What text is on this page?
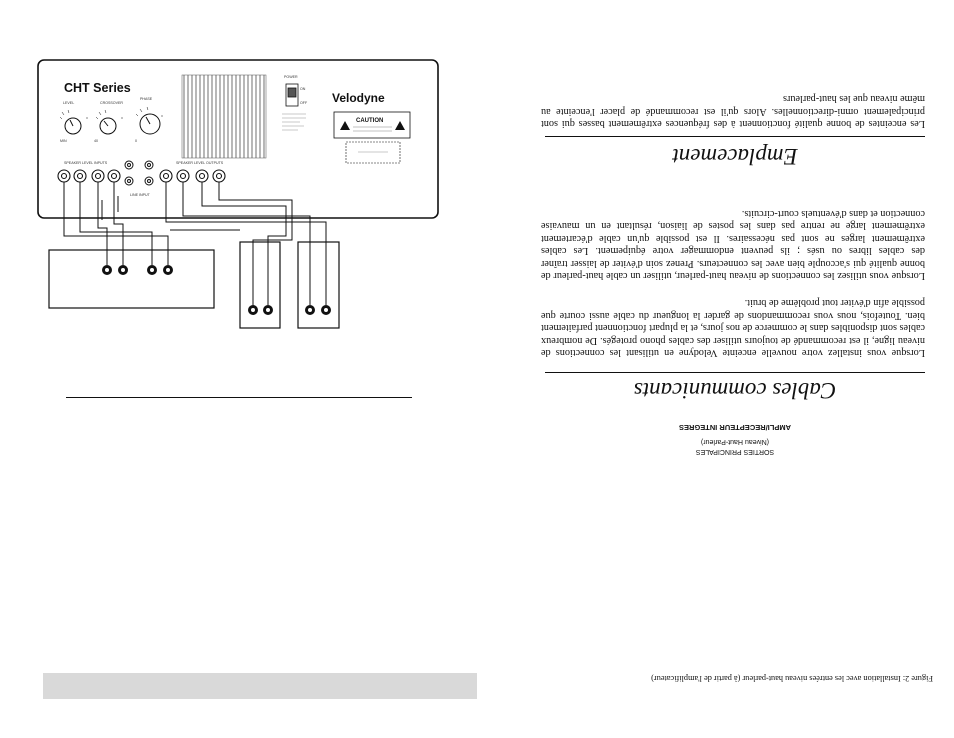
CHT Series
LEVEL	CROSSOVER
PHASE
MIN	40	0
POWER
ON
OFF Velodyne
CAUTION
SPEAKER LEVEL INPUTS	SPEAKER LEVEL OUTPUTS
LINE INPUT
Figure 2: Installation avec les entrées niveau haut-parleur (à partir de l'amplificateur)
SORTIES PRINCIPALES
(Niveau Haut-Parleur)
AMPLI/RECEPTEUR INTEGRES
Cables communicants

Lorsque vous installez votre nouvelle enceinte Velodyne en utilisant les connections de niveau ligne, il est recommandé de toujours utiliser des cables phono protegés. De nombreux cables sont disponibles dans le commerce de nos jours, et la plupart fonctionnent parfaitement bien. Toutefois, nous vous recommandons de garder la longueur du cable aussi courte que possible afin d'éviter tout problème de bruit.

Lorsque vous utilisez les connections de niveau haut-parleur, utiliser un cable haut-parleur de bonne qualité qui s'accouple bien avec les connecteurs. Prenez soin d'éviter de laisser traîner des cables libres ou usés ; ils peuvent endommager votre équipement. Les cables extrêmement larges ne sont pas nécessaires. Il est possible qu'un cable d'écartement extrêmement large ne rentre pas dans les postes de liaison, résultant en un mauvaise connection et dans d'éventuels court-circuits.

Emplacement

Les enceintes de bonne qualité fonctionnent à des fréquences extrêmement basses qui sont principalement omni-directionnelles. Alors qu'il est recommandé de placer l'enceinte au même niveau que les haut-parleurs
